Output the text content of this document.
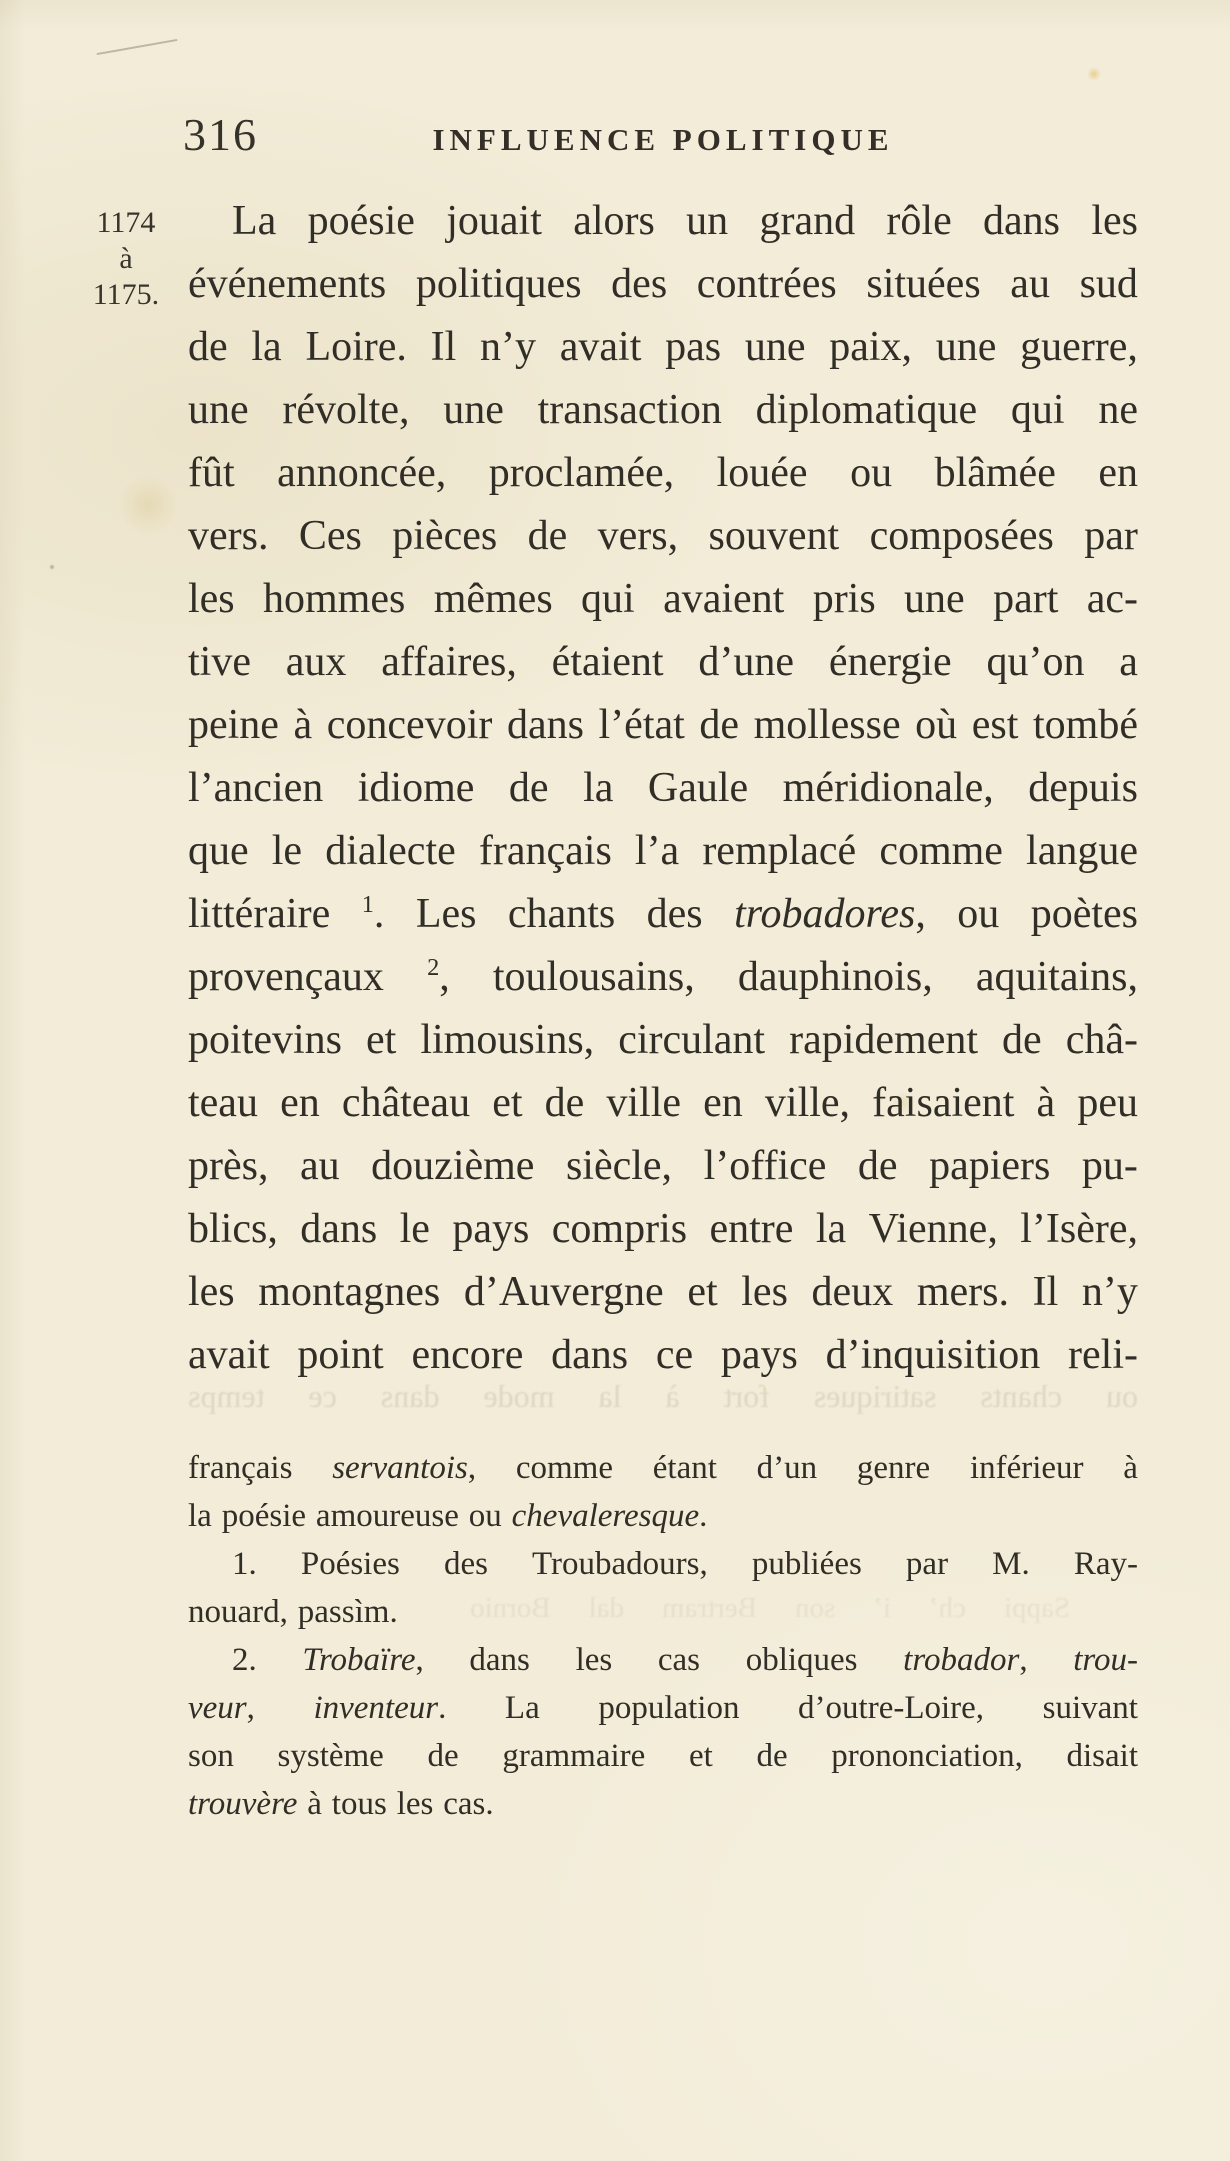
316	INFLUENCE POLITIQUE
1174
à
1175.
La poésie jouait alors un grand rôle dans les
événements politiques des contrées situées au sud
de la Loire. Il n’y avait pas une paix, une guerre,
une révolte, une transaction diplomatique qui ne
fût annoncée, proclamée, louée ou blâmée en
vers. Ces pièces de vers, souvent composées par
les hommes mêmes qui avaient pris une part ac-
tive aux affaires, étaient d’une énergie qu’on a
peine à concevoir dans l’état de mollesse où est tombé
l’ancien idiome de la Gaule méridionale, depuis
que le dialecte français l’a remplacé comme langue
littéraire $^1$. Les chants des trobadores, ou poètes
provençaux $^2$, toulousains, dauphinois, aquitains,
poitevins et limousins, circulant rapidement de châ-
teau en château et de ville en ville, faisaient à peu
près, au douzième siècle, l’office de papiers pu-
blics, dans le pays compris entre la Vienne, l’Isère,
les montagnes d’Auvergne et les deux mers. Il n’y
avait point encore dans ce pays d’inquisition reli-
français servantois, comme étant d’un genre inférieur à
la poésie amoureuse ou chevaleresque.
1. Poésies des Troubadours, publiées par M. Ray-
nouard, passìm.
2. Trobaïre, dans les cas obliques trobador, trou-
veur, inventeur. La population d’outre-Loire, suivant
son système de grammaire et de prononciation, disait
trouvère à tous les cas.
ou
chants
satiriques
fort
à
la
mode
dans
ce
temps
Sappi
ch’
i’
son
Bertram
dal
Bornio
